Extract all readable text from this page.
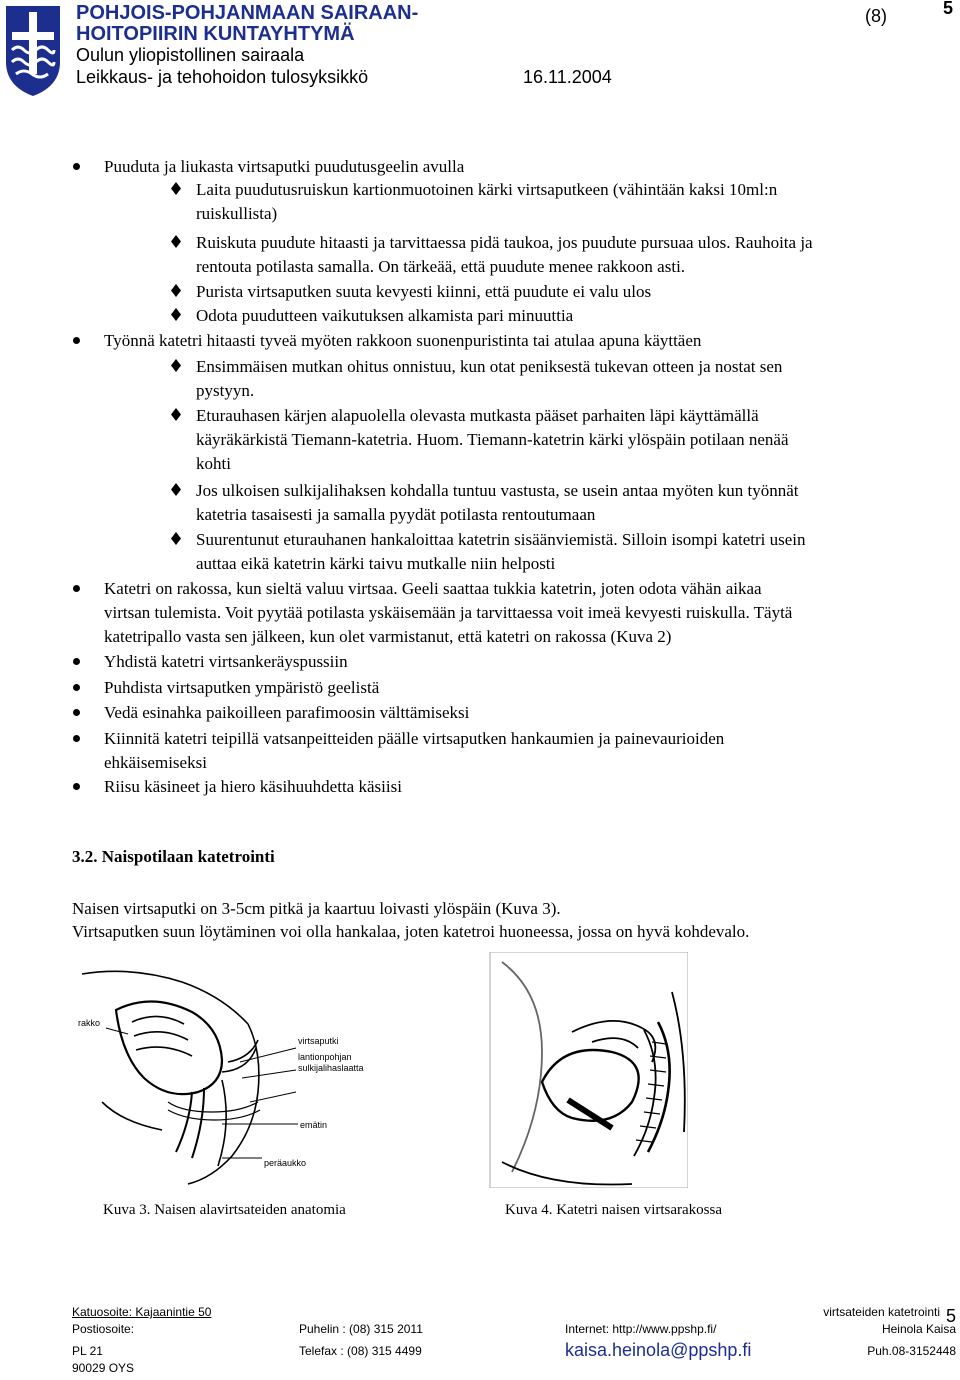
POHJOIS-POHJANMAAN SAIRAAN-
HOITOPIIRIN KUNTAYHTYMÄ
Oulun yliopistollinen sairaala
Leikkaus- ja tehohoidon tulosyksikkö	16.11.2004
(8)	5
Puuduta ja liukasta virtsaputki puudutusgeelin avulla
Laita puudutusruiskun kartionmuotoinen kärki virtsaputkeen (vähintään kaksi 10ml:n
ruiskullista)
Ruiskuta puudute hitaasti ja tarvittaessa pidä taukoa, jos puudute pursuaa ulos. Rauhoita ja
rentouta potilasta samalla. On tärkeää, että puudute menee rakkoon asti.
Purista virtsaputken suuta kevyesti kiinni, että puudute ei valu ulos
Odota puudutteen vaikutuksen alkamista pari minuuttia
Työnnä katetri hitaasti tyveä myöten rakkoon suonenpuristinta tai atulaa apuna käyttäen
Ensimmäisen mutkan ohitus onnistuu, kun otat peniksestä tukevan otteen ja nostat sen
pystyyn.
Eturauhasen kärjen alapuolella olevasta mutkasta pääset parhaiten läpi käyttämällä
käyräkärkistä Tiemann-katetria. Huom. Tiemann-katetrin kärki ylöspäin potilaan nenää
kohti
Jos ulkoisen sulkijalihaksen kohdalla tuntuu vastusta, se usein antaa myöten kun työnnät
katetria tasaisesti ja samalla pyydät potilasta rentoutumaan
Suurentunut eturauhanen hankaloittaa katetrin sisäänviemistä. Silloin isompi katetri usein
auttaa eikä katetrin kärki taivu mutkalle niin helposti
Katetri on rakossa, kun sieltä valuu virtsaa. Geeli saattaa tukkia katetrin, joten odota vähän aikaa
virtsan tulemista. Voit pyytää potilasta yskäisemään ja tarvittaessa voit imeä kevyesti ruiskulla. Täytä
katetripallo vasta sen jälkeen, kun olet varmistanut, että katetri on rakossa (Kuva 2)
Yhdistä katetri virtsankeräyspussiin
Puhdista virtsaputken ympäristö geelistä
Vedä esinahka paikoilleen parafimoosin välttämiseksi
Kiinnitä katetri teipillä vatsanpeitteiden päälle virtsaputken hankaumien ja painevaurioiden
ehkäisemiseksi
Riisu käsineet ja hiero käsihuuhdetta käsiisi
3.2. Naispotilaan katetrointi
Naisen virtsaputki on 3-5cm pitkä ja kaartuu loivasti ylöspäin (Kuva 3).
Virtsaputken suun löytäminen voi olla hankalaa, joten katetroi huoneessa, jossa on hyvä kohdevalo.
rakko
virtsaputki
lantionpohjan
sulkijalihaslaatta
emätin
peräaukko
Kuva 3. Naisen alavirtsateiden anatomia	Kuva 4. Katetri naisen virtsarakossa
Katuosoite: Kajaanintie 50
Postiosoite:
PL 21
90029 OYS
Puhelin : (08) 315 2011
Telefax : (08) 315 4499
Internet: http://www.ppshp.fi/
kaisa.heinola@ppshp.fi
virtsateiden katetrointi 5
Heinola Kaisa
Puh.08-3152448
